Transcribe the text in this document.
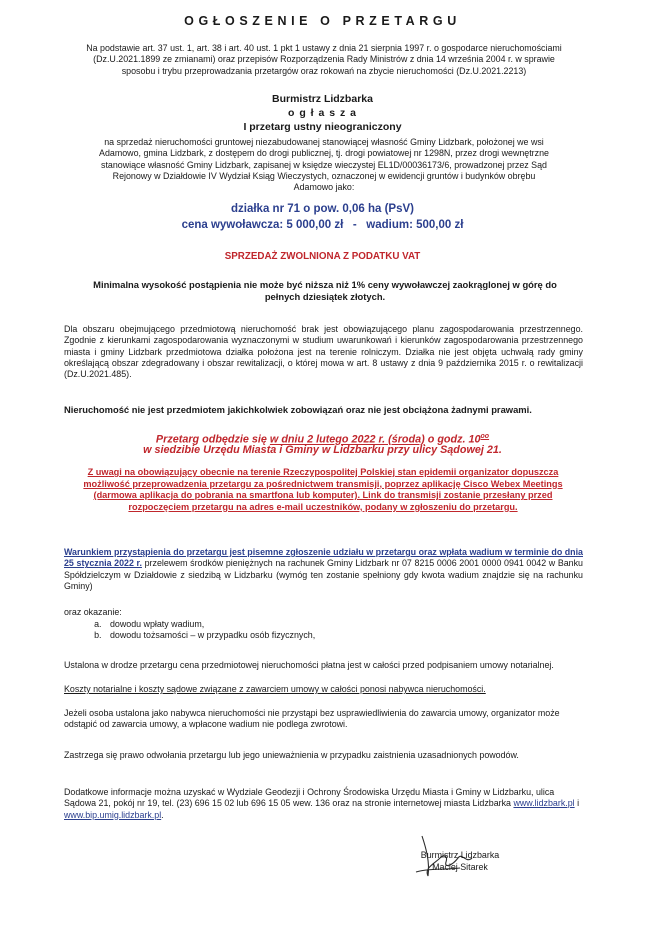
OGŁOSZENIE O PRZETARGU

Na podstawie art. 37 ust. 1, art. 38 i art. 40 ust. 1 pkt 1 ustawy z dnia 21 sierpnia 1997 r. o gospodarce nieruchomościami (Dz.U.2021.1899 ze zmianami) oraz przepisów Rozporządzenia Rady Ministrów z dnia 14 września 2004 r. w sprawie sposobu i trybu przeprowadzania przetargów oraz rokowań na zbycie nieruchomości (Dz.U.2021.2213)

Burmistrz Lidzbarka

o g ł a s z a

I przetarg ustny nieograniczony

na sprzedaż nieruchomości gruntowej niezabudowanej stanowiącej własność Gminy Lidzbark, położonej we wsi Adamowo, gmina Lidzbark, z dostępem do drogi publicznej, tj. drogi powiatowej nr 1298N, przez drogi wewnętrzne stanowiące własność Gminy Lidzbark, zapisanej w księdze wieczystej EL1D/00036173/6, prowadzonej przez Sąd Rejonowy w Działdowie IV Wydział Ksiąg Wieczystych, oznaczonej w ewidencji gruntów i budynków obrębu Adamowo jako:

działka nr 71 o pow. 0,06 ha (PsV)

cena wywoławcza: 5 000,00 zł   -   wadium: 500,00 zł

SPRZEDAŻ ZWOLNIONA Z PODATKU VAT

Minimalna wysokość postąpienia nie może być niższa niż 1% ceny wywoławczej zaokrąglonej w górę do pełnych dziesiątek złotych.

Dla obszaru obejmującego przedmiotową nieruchomość brak jest obowiązującego planu zagospodarowania przestrzennego. Zgodnie z kierunkami zagospodarowania wyznaczonymi w studium uwarunkowań i kierunków zagospodarowania przestrzennego miasta i gminy Lidzbark przedmiotowa działka położona jest na terenie rolniczym. Działka nie jest objęta uchwałą rady gminy określającą obszar zdegradowany i obszar rewitalizacji, o której mowa w art. 8 ustawy z dnia 9 października 2015 r. o rewitalizacji (Dz.U.2021.485).

Nieruchomość nie jest przedmiotem jakichkolwiek zobowiązań oraz nie jest obciążona żadnymi prawami.

Przetarg odbędzie się w dniu 2 lutego 2022 r. (środa) o godz. $10^{oo}$

w siedzibie Urzędu Miasta i Gminy w Lidzbarku przy ulicy Sądowej 21.

Z uwagi na obowiązujący obecnie na terenie Rzeczypospolitej Polskiej stan epidemii organizator dopuszcza możliwość przeprowadzenia przetargu za pośrednictwem transmisji, poprzez aplikację Cisco Webex Meetings (darmowa aplikacja do pobrania na smartfona lub komputer). Link do transmisji zostanie przesłany przed rozpoczęciem przetargu na adres e-mail uczestników, podany w zgłoszeniu do przetargu.

Warunkiem przystąpienia do przetargu jest pisemne zgłoszenie udziału w przetargu oraz wpłata wadium w terminie do dnia 25 stycznia 2022 r. przelewem środków pieniężnych na rachunek Gminy Lidzbark nr 07 8215 0006 2001 0000 0941 0042 w Banku Spółdzielczym w Działdowie z siedzibą w Lidzbarku (wymóg ten zostanie spełniony gdy kwota wadium znajdzie się na rachunku Gminy)

oraz okazanie:

a. dowodu wpłaty wadium,
b. dowodu tożsamości – w przypadku osób fizycznych,

Ustalona w drodze przetargu cena przedmiotowej nieruchomości płatna jest w całości przed podpisaniem umowy notarialnej.

Koszty notarialne i koszty sądowe związane z zawarciem umowy w całości ponosi nabywca nieruchomości.

Jeżeli osoba ustalona jako nabywca nieruchomości nie przystąpi bez usprawiedliwienia do zawarcia umowy, organizator może odstąpić od zawarcia umowy, a wpłacone wadium nie podlega zwrotowi.

Zastrzega się prawo odwołania przetargu lub jego unieważnienia w przypadku zaistnienia uzasadnionych powodów.

Dodatkowe informacje można uzyskać w Wydziale Geodezji i Ochrony Środowiska Urzędu Miasta i Gminy w Lidzbarku, ulica Sądowa 21, pokój nr 19, tel. (23) 696 15 02 lub 696 15 05 wew. 136 oraz na stronie internetowej miasta Lidzbarka www.lidzbark.pl i www.bip.umig.lidzbark.pl.

Burmistrz Lidzbarka

Maciej Sitarek
